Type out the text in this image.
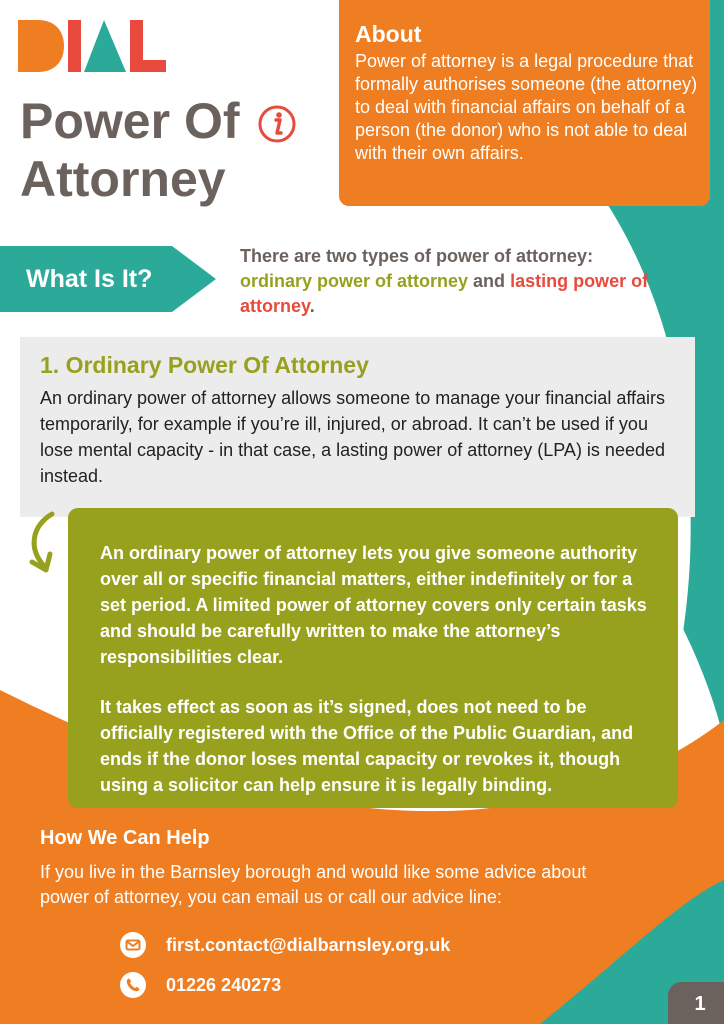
Power Of
Attorney
About
Power of attorney is a legal procedure that formally authorises someone (the attorney) to deal with financial affairs on behalf of a person (the donor) who is not able to deal with their own affairs.
What Is It?
There are two types of power of attorney:
ordinary power of attorney and lasting power of attorney.
1. Ordinary Power Of Attorney
An ordinary power of attorney allows someone to manage your financial affairs temporarily, for example if you’re ill, injured, or abroad. It can’t be used if you lose mental capacity - in that case, a lasting power of attorney (LPA) is needed instead.

An ordinary power of attorney lets you give someone authority over all or specific financial matters, either indefinitely or for a set period. A limited power of attorney covers only certain tasks and should be carefully written to make the attorney’s responsibilities clear.

It takes effect as soon as it’s signed, does not need to be officially registered with the Office of the Public Guardian, and ends if the donor loses mental capacity or revokes it, though using a solicitor can help ensure it is legally binding.

How We Can Help
If you live in the Barnsley borough and would like some advice about power of attorney, you can email us or call our advice line:
first.contact@dialbarnsley.org.uk
01226 240273
1
